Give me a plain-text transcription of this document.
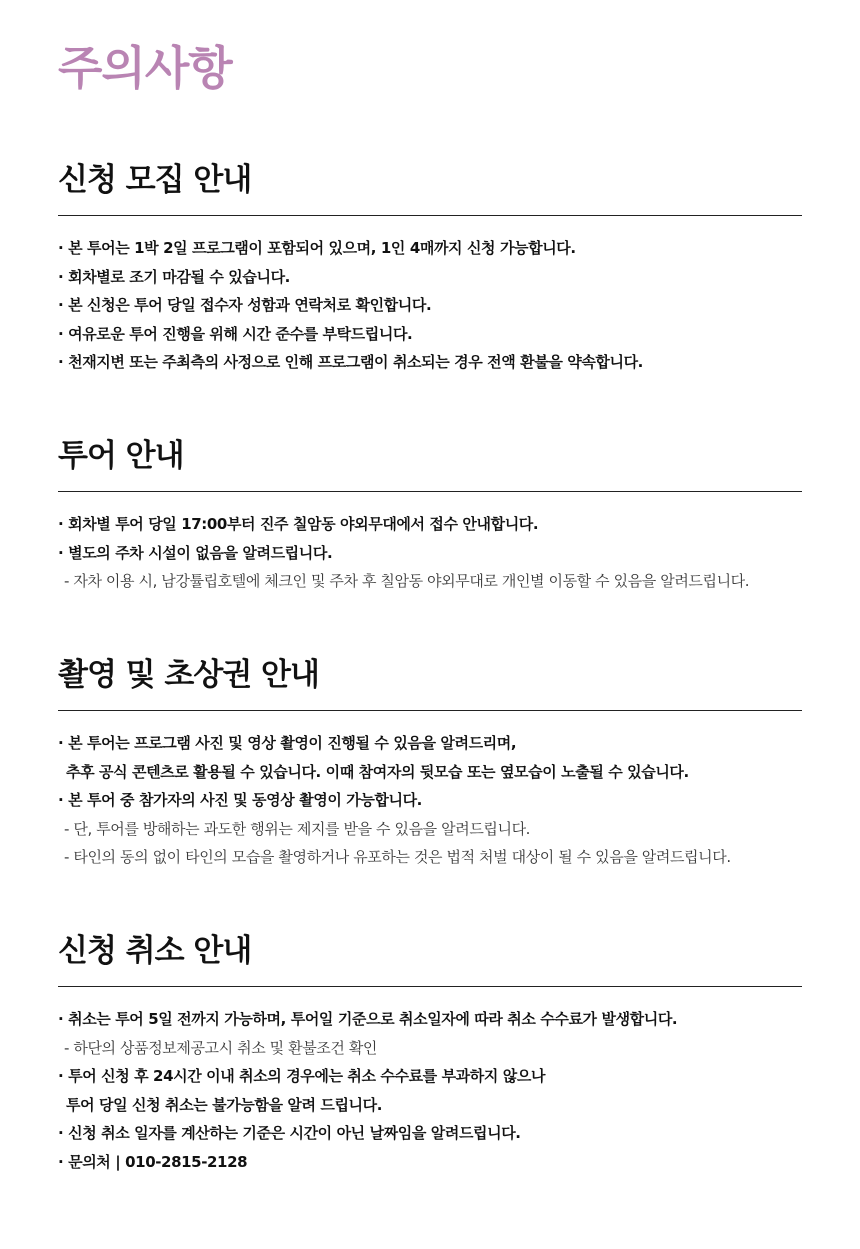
주의사항
신청 모집 안내
· 본 투어는 1박 2일 프로그램이 포함되어 있으며, 1인 4매까지 신청 가능합니다.
· 회차별로 조기 마감될 수 있습니다.
· 본 신청은 투어 당일 접수자 성함과 연락처로 확인합니다.
· 여유로운 투어 진행을 위해 시간 준수를 부탁드립니다.
· 천재지변 또는 주최측의 사정으로 인해 프로그램이 취소되는 경우 전액 환불을 약속합니다.
투어 안내
· 회차별 투어 당일 17:00부터 진주 칠암동 야외무대에서 접수 안내합니다.
· 별도의 주차 시설이 없음을 알려드립니다.
- 자차 이용 시, 남강튤립호텔에 체크인 및 주차 후 칠암동 야외무대로 개인별 이동할 수 있음을 알려드립니다.
촬영 및 초상권 안내
· 본 투어는 프로그램 사진 및 영상 촬영이 진행될 수 있음을 알려드리며,
추후 공식 콘텐츠로 활용될 수 있습니다. 이때 참여자의 뒷모습 또는 옆모습이 노출될 수 있습니다.
· 본 투어 중 참가자의 사진 및 동영상 촬영이 가능합니다.
- 단, 투어를 방해하는 과도한 행위는 제지를 받을 수 있음을 알려드립니다.
- 타인의 동의 없이 타인의 모습을 촬영하거나 유포하는 것은 법적 처벌 대상이 될 수 있음을 알려드립니다.
신청 취소 안내
· 취소는 투어 5일 전까지 가능하며, 투어일 기준으로 취소일자에 따라 취소 수수료가 발생합니다.
- 하단의 상품정보제공고시 취소 및 환불조건 확인
· 투어 신청 후 24시간 이내 취소의 경우에는 취소 수수료를 부과하지 않으나
투어 당일 신청 취소는 불가능함을 알려 드립니다.
· 신청 취소 일자를 계산하는 기준은 시간이 아닌 날짜임을 알려드립니다.
· 문의처 | 010-2815-2128
